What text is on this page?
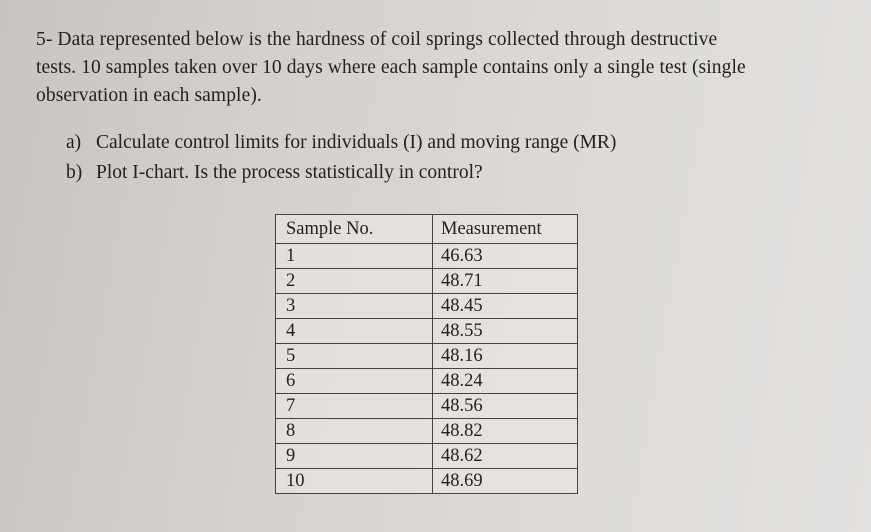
5- Data represented below is the hardness of coil springs collected through destructive
tests. 10 samples taken over 10 days where each sample contains only a single test (single
observation in each sample).
a) Calculate control limits for individuals (I) and moving range (MR)
b) Plot I-chart. Is the process statistically in control?
Sample No.	Measurement
1	46.63
2	48.71
3	48.45
4	48.55
5	48.16
6	48.24
7	48.56
8	48.82
9	48.62
10	48.69
